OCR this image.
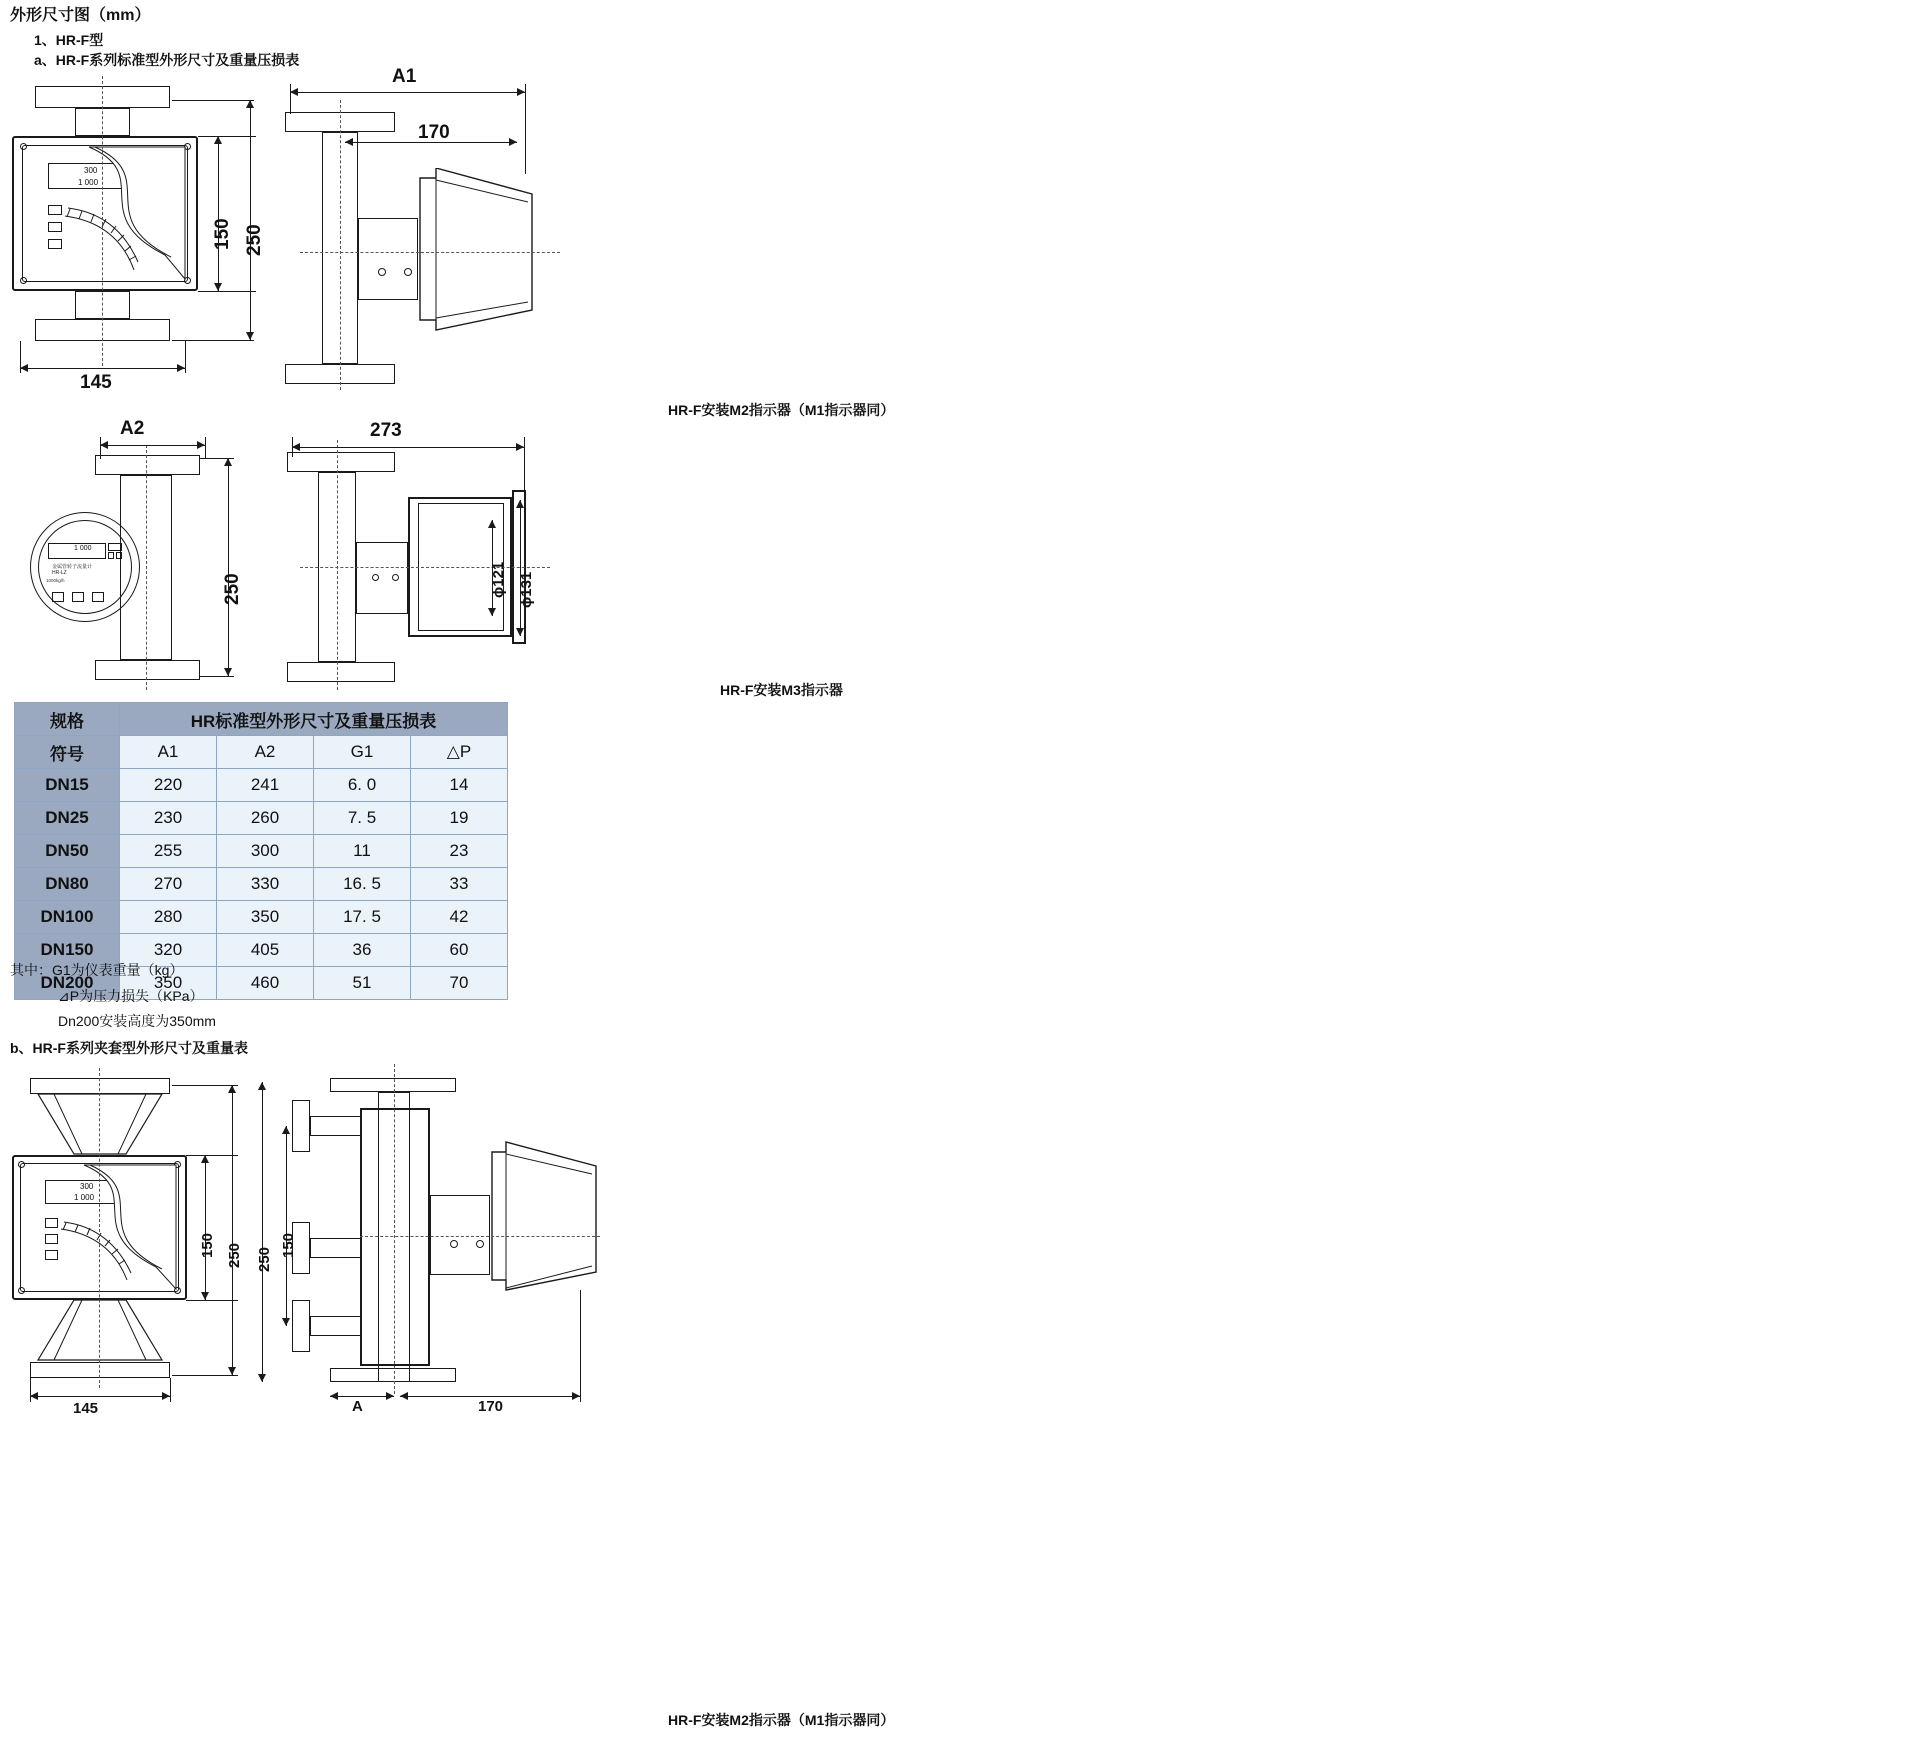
外形尺寸图（mm）
1、HR-F型
a、HR-F系列标准型外形尺寸及重量压损表
300
1 000
150 250
145
A1
170
HR-F安装M2指示器（M1指示器同）
1 000
金属管转子流量计
HR-LZ
1000kg/h
A2
250
273
ϕ121 ϕ131
HR-F安装M3指示器
规格	HR标准型外形尺寸及重量压损表			
符号	A1	A2	G1	△P
DN15	220	241	6. 0	14
DN25	230	260	7. 5	19
DN50	255	300	11	23
DN80	270	330	16. 5	33
DN100	280	350	17. 5	42
DN150	320	405	36	60
DN200	350	460	51	70
其中：G1为仪表重量（kg）
⊿P为压力损失（KPa）
Dn200安装高度为350mm
b、HR-F系列夹套型外形尺寸及重量表
300
1 000
150 250
145
250
150
A	170
HR-F安装M2指示器（M1指示器同）
